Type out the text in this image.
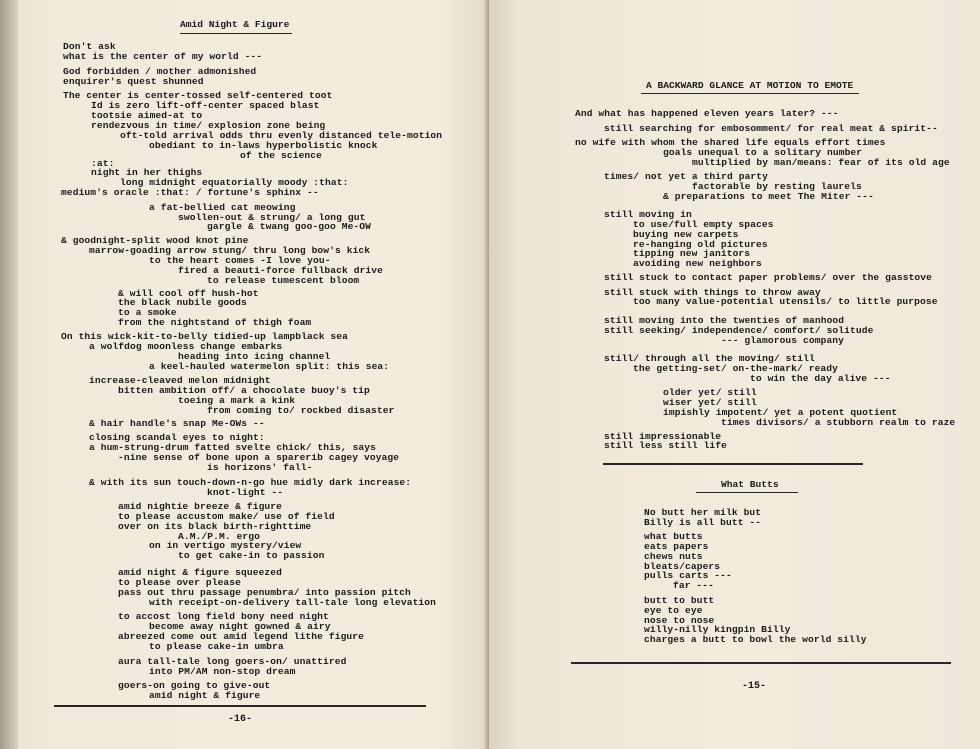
Amid Night & Figure
Don't ask
what is the center of my world ---
God forbidden / mother admonished
enquirer's quest shunned
The center is center-tossed self-centered toot
Id is zero lift-off-center spaced blast
tootsie aimed-at to
rendezvous in time/ explosion zone being
oft-told arrival odds thru evenly distanced tele-motion
obediant to in-laws hyperbolistic knock
of the science
:at:
night in her thighs
long midnight equatorially moody :that:
medium's oracle :that: / fortune's sphinx --
a fat-bellied cat meowing
swollen-out & strung/ a long gut
gargle & twang goo-goo Me-OW
& goodnight-split wood knot pine
marrow-goading arrow stung/ thru long bow's kick
to the heart comes -I love you-
fired a beauti-force fullback drive
to release tumescent bloom
& will cool off hush-hot
the black nubile goods
to a smoke
from the nightstand of thigh foam
On this wick-kit-to-belly tidied-up lampblack sea
a wolfdog moonless change embarks
heading into icing channel
a keel-hauled watermelon split: this sea:
increase-cleaved melon midnight
bitten ambition off/ a chocolate buoy's tip
toeing a mark a kink
from coming to/ rockbed disaster
& hair handle's snap Me-OWs --
closing scandal eyes to night:
a hum-strung-drum fatted svelte chick/ this, says
-nine sense of bone upon a sparerib cagey voyage
is horizons' fall-
& with its sun touch-down-n-go hue midly dark increase:
knot-light --
amid nightie breeze & figure
to please accustom make/ use of field
over on its black birth-righttime
A.M./P.M. ergo
on in vertigo mystery/view
to get cake-in to passion
amid night & figure squeezed
to please over please
pass out thru passage penumbra/ into passion pitch
with receipt-on-delivery tall-tale long elevation
to accost long field bony need night
become away night gowned & airy
abreezed come out amid legend lithe figure
to please cake-in umbra
aura tall-tale long goers-on/ unattired
into PM/AM non-stop dream
goers-on going to give-out
amid night & figure
-16-
A BACKWARD GLANCE AT MOTION TO EMOTE
And what has happened eleven years later? ---
still searching for embosomment/ for real meat & spirit--
no wife with whom the shared life equals effort times
goals unequal to a solitary number
multiplied by man/means: fear of its old age
times/ not yet a third party
factorable by resting laurels
& preparations to meet The Miter ---
still moving in
to use/full empty spaces
buying new carpets
re-hanging old pictures
tipping new janitors
avoiding new neighbors
still stuck to contact paper problems/ over the gasstove
still stuck with things to throw away
too many value-potential utensils/ to little purpose
still moving into the twenties of manhood
still seeking/ independence/ comfort/ solitude
--- glamorous company
still/ through all the moving/ still
the getting-set/ on-the-mark/ ready
to win the day alive ---
older yet/ still
wiser yet/ still
impishly impotent/ yet a potent quotient
times divisors/ a stubborn realm to raze
still impressionable
still less still life
What Butts
No butt her milk but
Billy is all butt --
what butts
eats papers
chews nuts
bleats/capers
pulls carts ---
far ---
butt to butt
eye to eye
nose to nose
willy-nilly kingpin Billy
charges a butt to bowl the world silly
-15-
